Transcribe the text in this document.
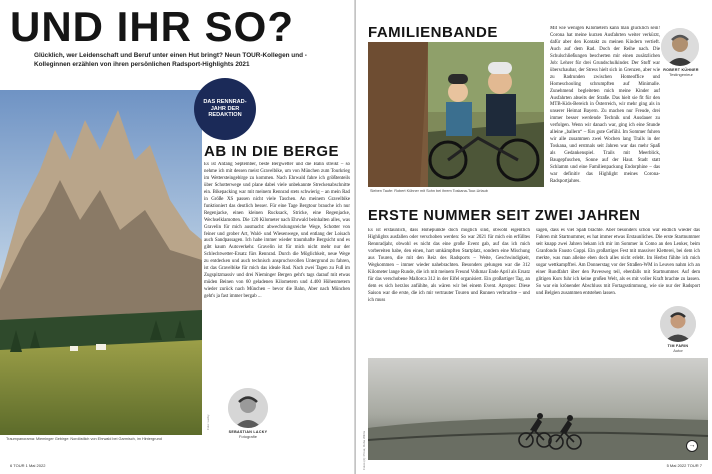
UND IHR SO?
Glücklich, wer Leidenschaft und Beruf unter einen Hut bringt? Neun TOUR-Kollegen und -Kolleginnen erzählen von ihren persönlichen Radsport-Highlights 2021
Traumpanorama: Mieminger Gebirge: Nordöstlich von Ehrwald bei Garmisch, im Hintergrund
Foto: Lacky
DAS RENNRAD-JAHR DER REDAKTION
AB IN DIE BERGE
Es ist Anfang September, beste Bergwetter und die Bahn streikt – so nehme ich mit dessen meist Gravelbike, um von München zum Tourkrieg im Wettersteingebirge zu kommen. Nach Ehrwald fahre ich größtenteils über Schotterwege und plane dabei viele unbekannte Streckenabschnitte ein. Bikepacking war mit meinem Rennrad stets schwierig – an mein Rad in Größe XS passen nicht viele Taschen. An meinem Gravelbike funktioniert das deutlich besser. Für eine Tage Bergtour brauche ich nur Regenjacke, einen kleinen Rucksack, Stricke, eine Regenjacke, Wechselklamotten. Die 120 Kilometer nach Ehrwald beinhalten alles, was Gravelin für mich ausmacht: abwechslungsreiche Wege, Schotter von feiner und grober Art, Wald- und Wiesenwege, und entlang der Loisach auch Sandpassagen. Ich habe immer wieder traumhafte Bergsicht und es gibt kaum Autoverkehr. Gravelin ist für mich nicht mehr nur der Schlechtwetter-Ersatz fürs Rennrad. Durch die Möglichkeit, neue Wege zu entdecken und auch technisch anspruchsvollen Untergrund zu fahren, ist das Gravelbike für mich das ideale Rad. Nach zwei Tagen zu Fuß im Zugspitzmassiv und drei Nieminger Bergen geht's tags darauf mit etwas müden Beinen von 60 geladenen Kilometern und 4.400 Höhenmetern wieder zurück nach München – bevor die Bahn, Aber nach München geht's ja fast immer bergab ...
SEBASTIAN LACKY
Fotografie
6 TOUR 1 Mai 2022
FAMILIENBANDE
Sieben Taufe: Robert Kühner mit Sohn bei ihrem Toskana-Tour-Urlaub
Mit wie wenigen Kilometern kann man glücklich sein! Corona hat meine kurzen Ausfahrten weiter verkürzt, dafür aber den Kontakt zu meinen Kindern vertieft. Auch auf dem Rad. Doch der Reihe nach. Die Schulschließungen bescherten mir einen zusätzlichen Job: Lehrer für drei Grundschulkinder. Der Stoff war überschaubar, der Stress hielt sich in Grenzen, aber wie zu Radrunden zwischen Homeoffice und Homeschooling schrumpften auf Minimalle. Zunehmend begleiteten mich meine Kinder auf Ausfahrten abseits der Straße. Das hielt sie fit für den MTB-Kids-Bereich in Österreich, wir mehr ging als in unserer Heimat Bayern. Zu machen nur Freude, drei immer besser werdende Technik und Ausdauer zu verfolgen. Wenn wir danach war, ging ich eine Stunde alleine „ballern“ – fürs gute Gefühl. Im Sommer fuhren wir alle zusammen zwei Wochen lang Trails in der Toskana, und erstmals seit Jahren war das mehr Spaß als Gedankenspiel. Trails mit Meerblick, Baugepfuschen, Sonne auf der Haut. Stadt statt Schlamm und eine Familienpackung Endorphine – das war definitiv das Highlight meines Corona-Radsportjahres.
ROBERT KÜHNER
Testingenieur
ERSTE NUMMER SEIT ZWEI JAHREN
Es ist erstaunlich, dass Höhepunkte doch möglich sind, obwohl eigentlich Highlights ausfallen oder verschoben werden: So war 2021 für mich ein erfülltes Rennradjahr, obwohl es nicht das eine große Event gab, auf das ich mich vorbereiten habe, den einen, hart umkämpften Startplatz, sondern eine Mischung aus Touren, die mit den Reiz des Radsports – Weite, Geschwindigkeit, Wegkommen – immer wieder nahebrachten. Besonders gelungen war die 312 Kilometer lange Runde, die ich mit meinem Freund Volkmar Ende April als Ersatz für das verschobene Mallorca 312 in der Eifel organisiert. Ein großartiger Tag, an dem es sich herzlos anfühlte, als wären wir bei einem Event. Apropos: Diese Saison war die erste, die ich mir vertrauter Touren und Runnen verbrachte – und ich muss
sagen, dass es viel Spaß brachte. Aber besonders schön war endlich wieder das Fahren mit Startnummer, es hat immer etwas Erstaunliches. Die erste Startnummer seit knapp zwei Jahren bekam ich mir im Sommer in Como an den Lenker, beim Granfondo Fausto Coppi. Ein großartiges Fest mit massiver Kletterei, bei dem ich merkte, was man alleine eben doch alles nicht erlebt. Im Herbst fühlte ich mich sogar wettkampffrei. Am Donnerstag vor der Straßen-WM in Leuven nahm ich an einer Rundfahrt über den Pavesweg teil, ebenfalls mit Startnummer. Auf dem glitigen Kurs fuhr ich keine großen Welt, als es mit voller Kraft brachte zu lassen. So war ein krönender Abschluss mit Fortagsstimmung, wie sie nur der Radsport und Belgien zusammen entstehen lassen.
TIM FARIN
Autor
Das Traum: Tim Farin mit Kumpel Volkmar bei ihrer 312-Kilometer-langen Tour durch die Eifel
→
Fotos (2): Privat, Roba Wilms	5 Mai 2022 TOUR 7
